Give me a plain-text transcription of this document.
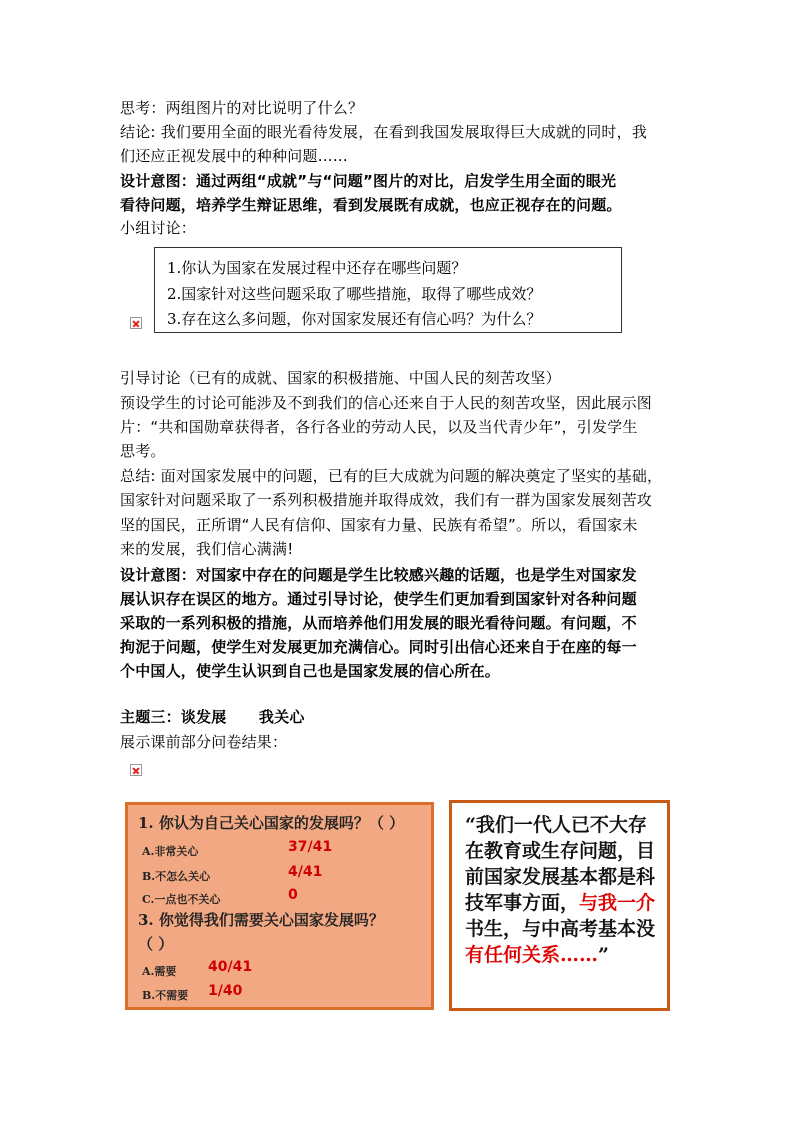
思考：两组图片的对比说明了什么？

结论: 我们要用全面的眼光看待发展，在看到我国发展取得巨大成就的同时，我

们还应正视发展中的种种问题……

设计意图：通过两组“成就”与“问题”图片的对比，启发学生用全面的眼光

看待问题，培养学生辩证思维，看到发展既有成就，也应正视存在的问题。

小组讨论：

1.你认为国家在发展过程中还存在哪些问题？
2.国家针对这些问题采取了哪些措施，取得了哪些成效？
3.存在这么多问题，你对国家发展还有信心吗？为什么？

引导讨论（已有的成就、国家的积极措施、中国人民的刻苦攻坚）

预设学生的讨论可能涉及不到我们的信心还来自于人民的刻苦攻坚，因此展示图

片：“共和国勋章获得者，各行各业的劳动人民，以及当代青少年”，引发学生

思考。

总结: 面对国家发展中的问题，已有的巨大成就为问题的解决奠定了坚实的基础，

国家针对问题采取了一系列积极措施并取得成效，我们有一群为国家发展刻苦攻

坚的国民，正所谓“人民有信仰、国家有力量、民族有希望”。所以，看国家未

来的发展，我们信心满满!

设计意图：对国家中存在的问题是学生比较感兴趣的话题，也是学生对国家发

展认识存在误区的地方。通过引导讨论，使学生们更加看到国家针对各种问题

采取的一系列积极的措施，从而培养他们用发展的眼光看待问题。有问题，不

拘泥于问题，使学生对发展更加充满信心。同时引出信心还来自于在座的每一

个中国人，使学生认识到自己也是国家发展的信心所在。

主题三：谈发展      我关心

展示课前部分问卷结果：

1. 你认为自己关心国家的发展吗？（ ）
A.非常关心	37/41
B.不怎么关心	4/41
C.一点也不关心	0
3. 你觉得我们需要关心国家发展吗？
（ ）
A.需要 40/41
B.不需要 1/40
“我们一代人已不大存
在教育或生存问题，目
前国家发展基本都是科
技军事方面，与我一介
书生，与中高考基本没
有任何关系……”
